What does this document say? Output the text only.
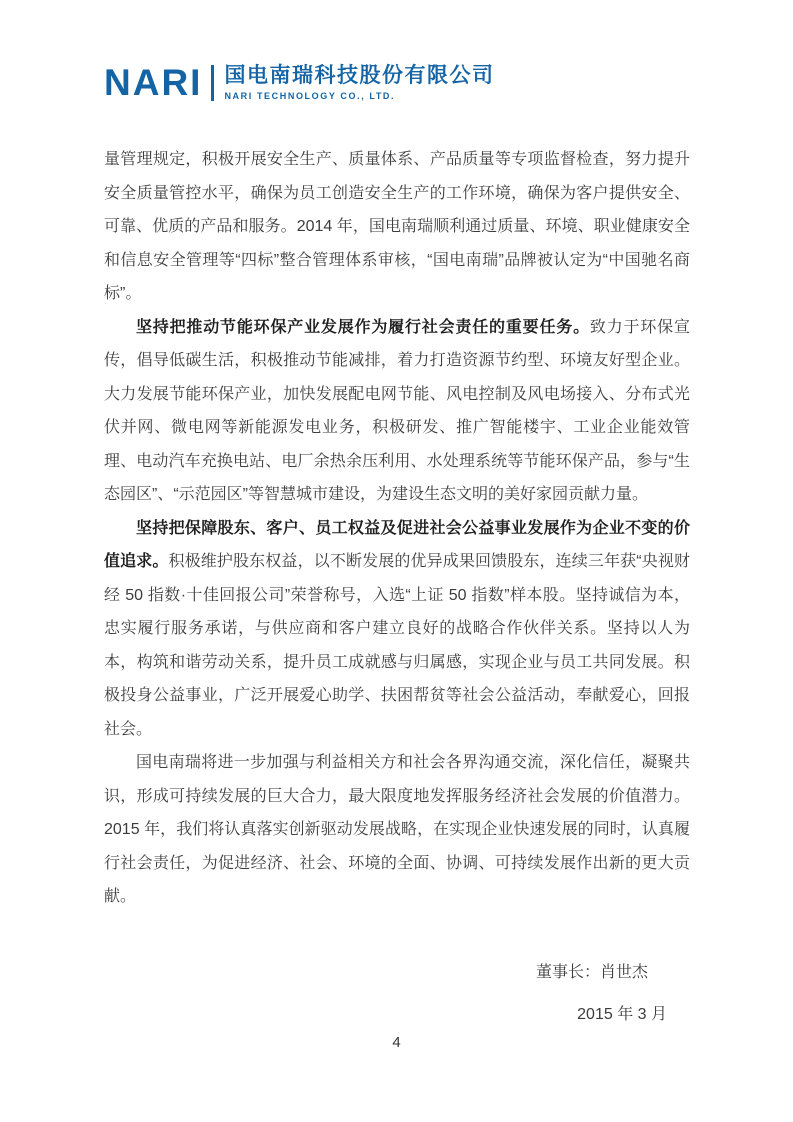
NARI 国电南瑞科技股份有限公司
NARI TECHNOLOGY CO., LTD.

量管理规定，积极开展安全生产、质量体系、产品质量等专项监督检查，努力提升安全质量管控水平，确保为员工创造安全生产的工作环境，确保为客户提供安全、可靠、优质的产品和服务。2014 年，国电南瑞顺利通过质量、环境、职业健康安全和信息安全管理等“四标”整合管理体系审核，“国电南瑞”品牌被认定为“中国驰名商标”。

坚持把推动节能环保产业发展作为履行社会责任的重要任务。致力于环保宣传，倡导低碳生活，积极推动节能减排，着力打造资源节约型、环境友好型企业。大力发展节能环保产业，加快发展配电网节能、风电控制及风电场接入、分布式光伏并网、微电网等新能源发电业务，积极研发、推广智能楼宇、工业企业能效管理、电动汽车充换电站、电厂余热余压利用、水处理系统等节能环保产品，参与“生态园区”、“示范园区”等智慧城市建设，为建设生态文明的美好家园贡献力量。

坚持把保障股东、客户、员工权益及促进社会公益事业发展作为企业不变的价值追求。积极维护股东权益，以不断发展的优异成果回馈股东，连续三年获“央视财经 50 指数·十佳回报公司”荣誉称号，入选“上证 50 指数”样本股。坚持诚信为本，忠实履行服务承诺，与供应商和客户建立良好的战略合作伙伴关系。坚持以人为本，构筑和谐劳动关系，提升员工成就感与归属感，实现企业与员工共同发展。积极投身公益事业，广泛开展爱心助学、扶困帮贫等社会公益活动，奉献爱心，回报社会。

国电南瑞将进一步加强与利益相关方和社会各界沟通交流，深化信任，凝聚共识，形成可持续发展的巨大合力，最大限度地发挥服务经济社会发展的价值潜力。2015 年，我们将认真落实创新驱动发展战略，在实现企业快速发展的同时，认真履行社会责任，为促进经济、社会、环境的全面、协调、可持续发展作出新的更大贡献。

董事长：肖世杰
2015 年 3 月
4
